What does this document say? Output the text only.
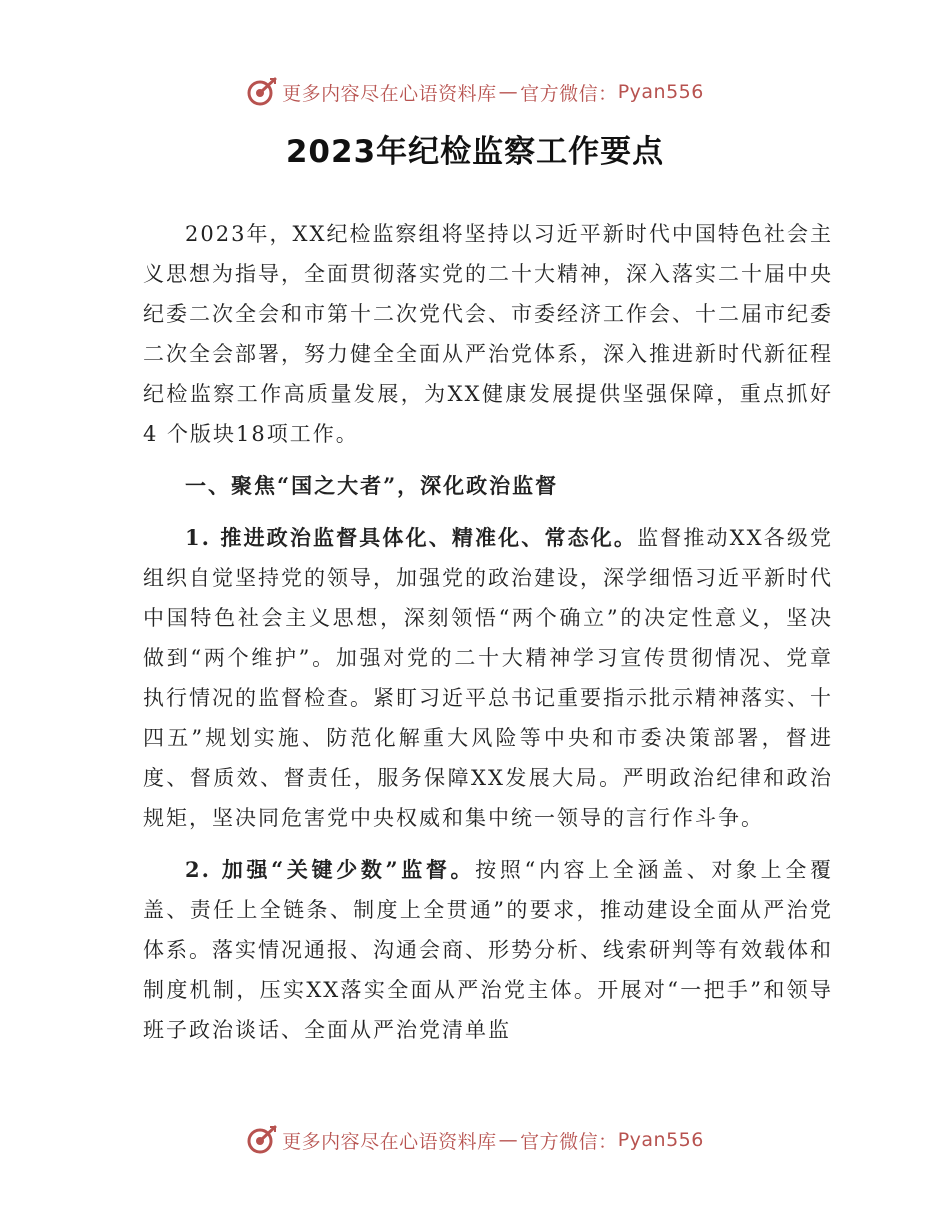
更多内容尽在心语资料库 — 官方微信： Pyan556
2023年纪检监察工作要点

2023年，XX纪检监察组将坚持以习近平新时代中国特色社会主义思想为指导，全面贯彻落实党的二十大精神，深入落实二十届中央纪委二次全会和市第十二次党代会、市委经济工作会、十二届市纪委二次全会部署，努力健全全面从严治党体系，深入推进新时代新征程纪检监察工作高质量发展，为XX健康发展提供坚强保障，重点抓好 4 个版块18项工作。

一、聚焦“国之大者”，深化政治监督

1. 推进政治监督具体化、精准化、常态化。监督推动XX各级党组织自觉坚持党的领导，加强党的政治建设，深学细悟习近平新时代中国特色社会主义思想，深刻领悟“两个确立”的决定性意义，坚决做到“两个维护”。加强对党的二十大精神学习宣传贯彻情况、党章执行情况的监督检查。紧盯习近平总书记重要指示批示精神落实、十四五”规划实施、防范化解重大风险等中央和市委决策部署，督进度、督质效、督责任，服务保障XX发展大局。严明政治纪律和政治规矩，坚决同危害党中央权威和集中统一领导的言行作斗争。

2. 加强“关键少数”监督。按照“内容上全涵盖、对象上全覆盖、责任上全链条、制度上全贯通”的要求，推动建设全面从严治党体系。落实情况通报、沟通会商、形势分析、线索研判等有效载体和制度机制，压实XX落实全面从严治党主体。开展对“一把手”和领导班子政治谈话、全面从严治党清单监

更多内容尽在心语资料库 — 官方微信： Pyan556
